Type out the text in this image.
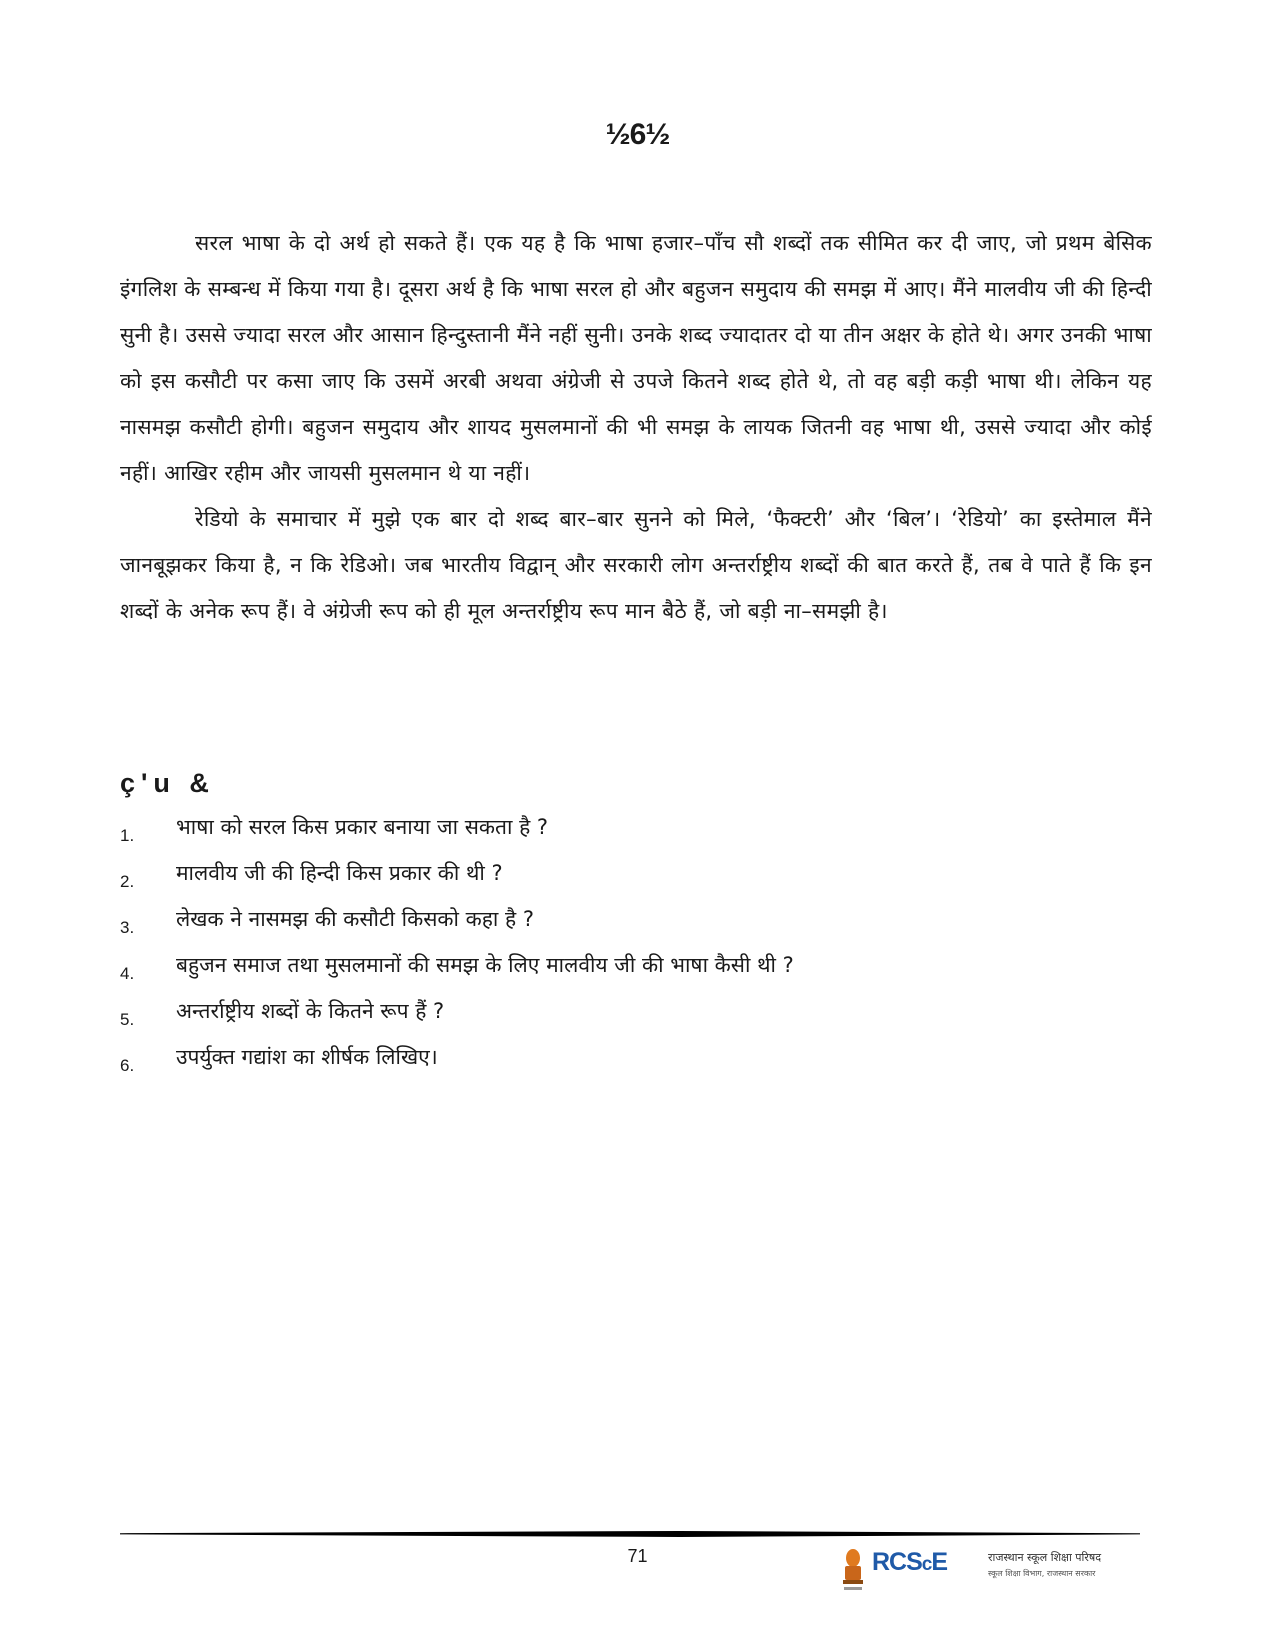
½6½

सरल भाषा के दो अर्थ हो सकते हैं। एक यह है कि भाषा हजार–पाँच सौ शब्दों तक सीमित कर दी जाए, जो प्रथम बेसिक इंगलिश के सम्बन्ध में किया गया है। दूसरा अर्थ है कि भाषा सरल हो और बहुजन समुदाय की समझ में आए। मैंने मालवीय जी की हिन्दी सुनी है। उससे ज्यादा सरल और आसान हिन्दुस्तानी मैंने नहीं सुनी। उनके शब्द ज्यादातर दो या तीन अक्षर के होते थे। अगर उनकी भाषा को इस कसौटी पर कसा जाए कि उसमें अरबी अथवा अंग्रेजी से उपजे कितने शब्द होते थे, तो वह बड़ी कड़ी भाषा थी। लेकिन यह नासमझ कसौटी होगी। बहुजन समुदाय और शायद मुसलमानों की भी समझ के लायक जितनी वह भाषा थी, उससे ज्यादा और कोई नहीं। आखिर रहीम और जायसी मुसलमान थे या नहीं।

रेडियो के समाचार में मुझे एक बार दो शब्द बार–बार सुनने को मिले, ‘फैक्टरी’ और ‘बिल’। ‘रेडियो’ का इस्तेमाल मैंने जानबूझकर किया है, न कि रेडिओ। जब भारतीय विद्वान् और सरकारी लोग अन्तर्राष्ट्रीय शब्दों की बात करते हैं, तब वे पाते हैं कि इन शब्दों के अनेक रूप हैं। वे अंग्रेजी रूप को ही मूल अन्तर्राष्ट्रीय रूप मान बैठे हैं, जो बड़ी ना–समझी है।

ç'u &
1. भाषा को सरल किस प्रकार बनाया जा सकता है ?
2. मालवीय जी की हिन्दी किस प्रकार की थी ?
3. लेखक ने नासमझ की कसौटी किसको कहा है ?
4. बहुजन समाज तथा मुसलमानों की समझ के लिए मालवीय जी की भाषा कैसी थी ?
5. अन्तर्राष्ट्रीय शब्दों के कितने रूप हैं ?
6. उपर्युक्त गद्यांश का शीर्षक लिखिए।
71	RCScE	राजस्थान स्कूल शिक्षा परिषद
स्कूल शिक्षा विभाग, राजस्थान सरकार
